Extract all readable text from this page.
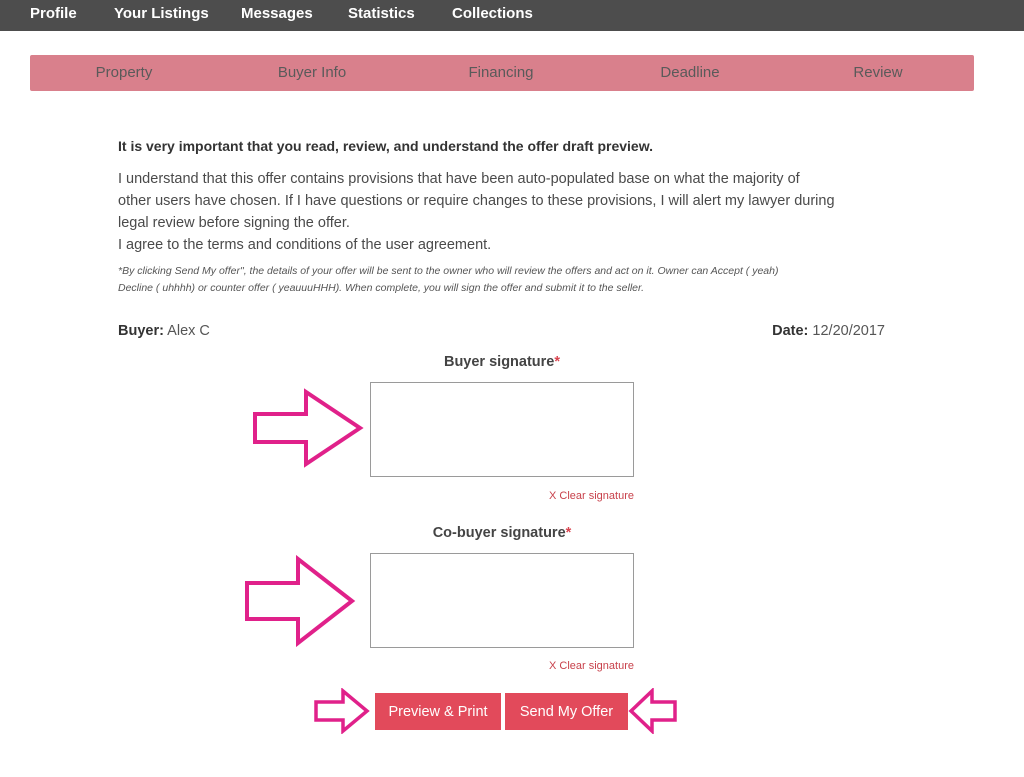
Profile Your Listings Messages Statistics Collections
Property	Buyer Info	Financing	Deadline	Review
It is very important that you read, review, and understand the offer draft preview.
I understand that this offer contains provisions that have been auto-populated base on what the majority of
other users have chosen. If I have questions or require changes to these provisions, I will alert my lawyer during
legal review before signing the offer.
I agree to the terms and conditions of the user agreement.
*By clicking Send My offer", the details of your offer will be sent to the owner who will review the offers and act on it. Owner can Accept ( yeah)
Decline ( uhhhh) or counter offer ( yeauuuHHH). When complete, you will sign the offer and submit it to the seller.
Buyer: Alex C	Date: 12/20/2017
Buyer signature*
X Clear signature
Co-buyer signature*
X Clear signature
Preview & Print	Send My Offer
